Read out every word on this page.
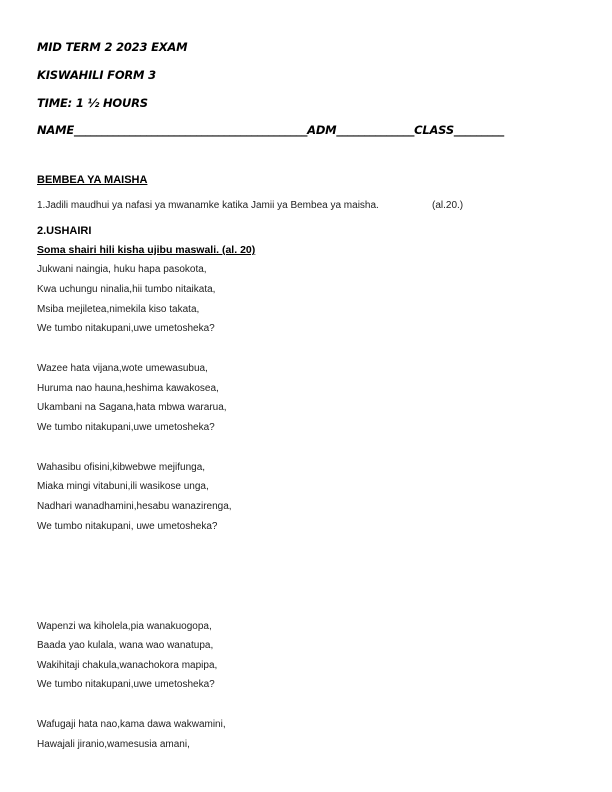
MID TERM 2 2023 EXAM
KISWAHILI FORM 3
TIME: 1 ½ HOURS
NAME__________________________________________ADM______________CLASS_________
BEMBEA YA MAISHA
1.Jadili maudhui ya nafasi ya mwanamke katika Jamii ya Bembea ya maisha.	(al.20.)
2.USHAIRI
Soma shairi hili kisha ujibu maswali. (al. 20)
Jukwani naingia, huku hapa pasokota,
Kwa uchungu ninalia,hii tumbo nitaikata,
Msiba mejiletea,nimekila kiso takata,
We tumbo nitakupani,uwe umetosheka?
Wazee hata vijana,wote umewasubua,
Huruma nao hauna,heshima kawakosea,
Ukambani na Sagana,hata mbwa wararua,
We tumbo nitakupani,uwe umetosheka?
Wahasibu ofisini,kibwebwe mejifunga,
Miaka mingi vitabuni,ili wasikose unga,
Nadhari wanadhamini,hesabu wanazirenga,
We tumbo nitakupani, uwe umetosheka?
Wapenzi wa kiholela,pia wanakuogopa,
Baada yao kulala, wana wao wanatupa,
Wakihitaji chakula,wanachokora mapipa,
We tumbo nitakupani,uwe umetosheka?
Wafugaji hata nao,kama dawa wakwamini,
Hawajali jiranio,wamesusia amani,
